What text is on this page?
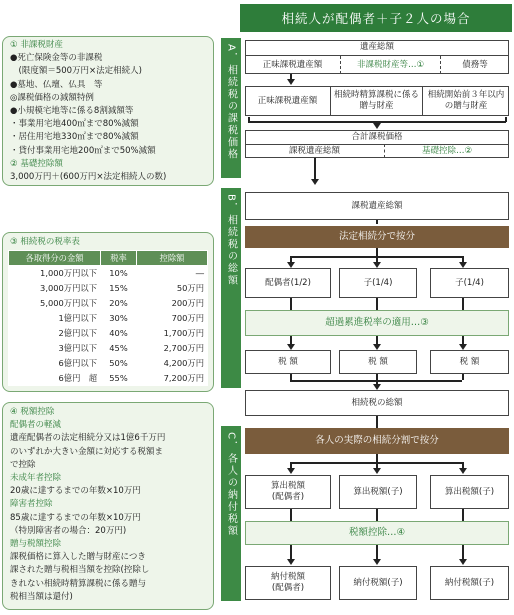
相続人が配偶者＋子２人の場合
A．相続税の課税価格
B．相続税の総額
C．各人の納付税額
遺産総額
正味課税遺産額	非課税財産等…①	債務等
正味課税遺産額
相続時精算課税に係る贈与財産
相続開始前３年以内の贈与財産
合計課税価格
課税遺産総額	基礎控除…②
課税遺産総額
法定相続分で按分
配偶者(1/2)	子(1/4)	子(1/4)
超過累進税率の適用…③
税 額	税 額	税 額
相続税の総額
各人の実際の相続分割で按分
算出税額
(配偶者)
算出税額(子)	算出税額(子)
税額控除…④
納付税額
(配偶者)
納付税額(子)	納付税額(子)
① 非課税財産
●死亡保険金等の非課税
　(限度額＝500万円×法定相続人)
●墓地、仏壇、仏具　等
◎課税価格の減額特例
●小規模宅地等に係る8割減額等
・事業用宅地400㎡まで80%減額
・居住用宅地330㎡まで80%減額
・貸付事業用宅地200㎡まで50%減額
② 基礎控除額
3,000万円＋(600万円×法定相続人の数)
③ 相続税の税率表
各取得分の金額	税率	控除額
1,000万円以下	10%	―
3,000万円以下	15%	50万円
5,000万円以下	20%	200万円
1億円以下	30%	700万円
2億円以下	40%	1,700万円
3億円以下	45%	2,700万円
6億円以下	50%	4,200万円
6億円　超	55%	7,200万円
④ 税額控除
配偶者の軽減
遺産配偶者の法定相続分又は1億6千万円
のいずれか大きい金額に対応する税額ま
で控除
未成年者控除
20歳に達するまでの年数×10万円
障害者控除
85歳に達するまでの年数×10万円
（特別障害者の場合：20万円)
贈与税額控除
課税価格に算入した贈与財産につき
課された贈与税相当額を控除(控除し
きれない相続時精算課税に係る贈与
税相当額は還付)
